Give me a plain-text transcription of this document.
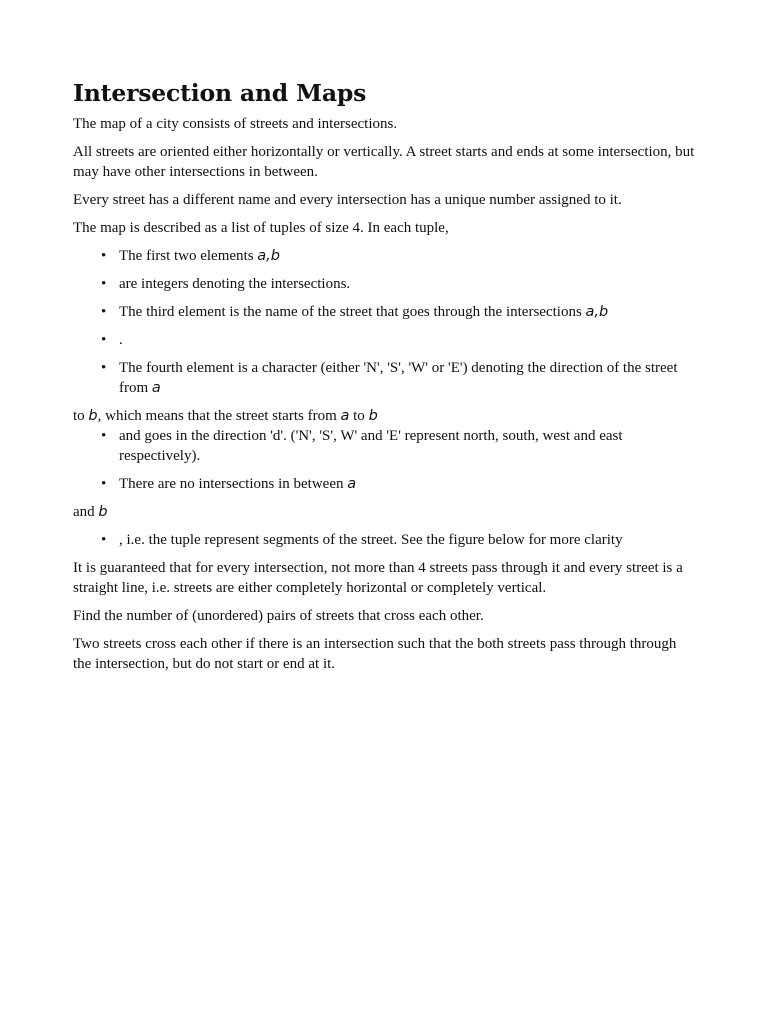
Intersection and Maps

The map of a city consists of streets and intersections.

All streets are oriented either horizontally or vertically. A street starts and ends at some intersection, but may have other intersections in between.

Every street has a different name and every intersection has a unique number assigned to it.

The map is described as a list of tuples of size 4. In each tuple,

• The first two elements a,b
• are integers denoting the intersections.
• The third element is the name of the street that goes through the intersections a,b
• .
• The fourth element is a character (either 'N', 'S', 'W' or 'E') denoting the direction of the street from a

to b, which means that the street starts from a to b

• and goes in the direction 'd'. ('N', 'S', W' and 'E' represent north, south, west and east respectively).
• There are no intersections in between a

and b

• , i.e. the tuple represent segments of the street. See the figure below for more clarity

It is guaranteed that for every intersection, not more than 4 streets pass through it and every street is a straight line, i.e. streets are either completely horizontal or completely vertical.

Find the number of (unordered) pairs of streets that cross each other.

Two streets cross each other if there is an intersection such that the both streets pass through through the intersection, but do not start or end at it.
